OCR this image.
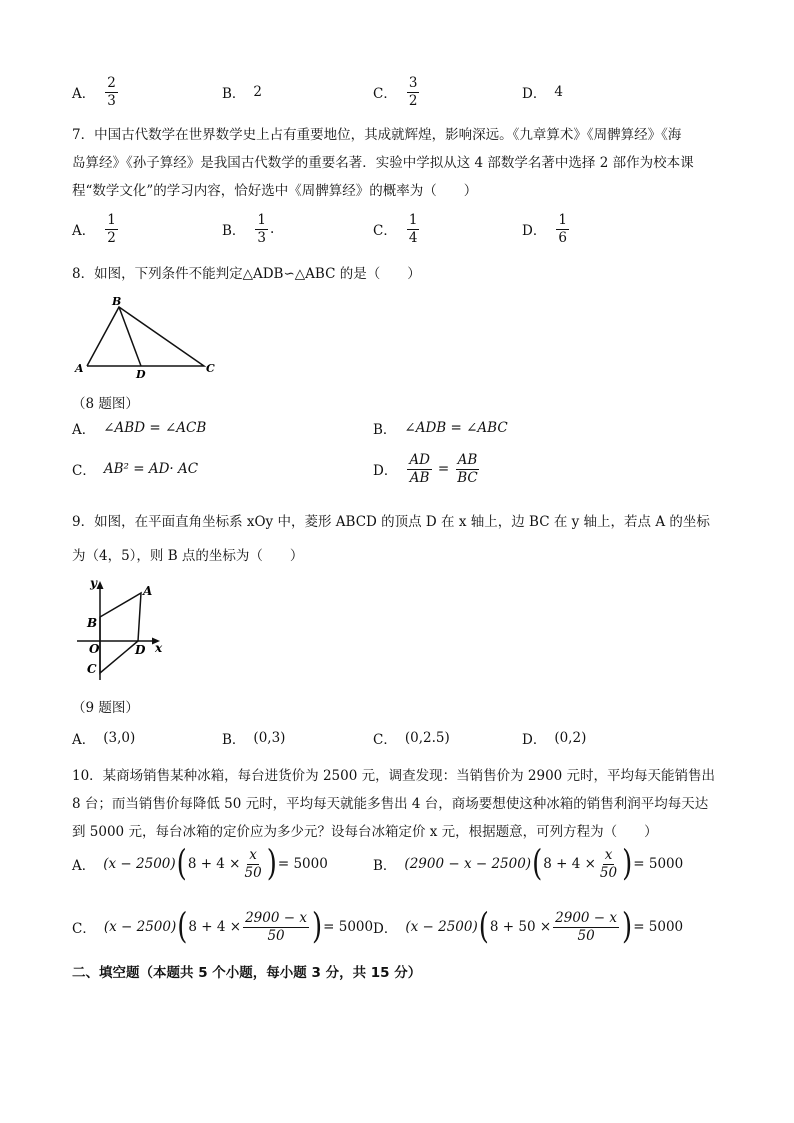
A． $\frac{2}{3}$	B． 2	C． $\frac{3}{2}$	D． 4
7．中国古代数学在世界数学史上占有重要地位，其成就辉煌，影响深远。《九章算术》《周髀算经》《海
岛算经》《孙子算经》是我国古代数学的重要名著．实验中学拟从这 4 部数学名著中选择 2 部作为校本课
程“数学文化”的学习内容，恰好选中《周髀算经》的概率为（　　）
A． $\frac{1}{2}$	B． $\frac{1}{3}$ .	C． $\frac{1}{4}$	D． $\frac{1}{6}$
8．如图，下列条件不能判定△ADB∽△ABC 的是（　　）
B
A	D	C
（8 题图）
A． ∠ABD = ∠ACB	B． ∠ADB = ∠ABC
C． AB² = AD· AC	D． $\frac{AD}{AB} = \frac{AB}{BC}$
9．如图，在平面直角坐标系 xOy 中，菱形 ABCD 的顶点 D 在 x 轴上，边 BC 在 y 轴上，若点 A 的坐标
为（4，5），则 B 点的坐标为（　　）
y
A
B
O	D x
C
（9 题图）
A． (3,0)	B． (0,3)	C． (0,2.5)	D． (0,2)
10．某商场销售某种冰箱，每台进货价为 2500 元，调查发现：当销售价为 2900 元时，平均每天能销售出
8 台；而当销售价每降低 50 元时，平均每天就能多售出 4 台，商场要想使这种冰箱的销售利润平均每天达
到 5000 元，每台冰箱的定价应为多少元？设每台冰箱定价 x 元，根据题意，可列方程为（　　）
A． (x − 2500) ( $8 + 4 \times \frac{x}{50}$ ) = 5000	B． (2900 − x − 2500) ( $8 + 4 \times \frac{x}{50}$ ) = 5000
C． (x − 2500) ( $8 + 4 \times \frac{2900 - x}{50}$ ) = 5000 D． (x − 2500) ( $8 + 50 \times \frac{2900 - x}{50}$ ) = 5000
二、填空题（本题共 5 个小题，每小题 3 分，共 15 分）
